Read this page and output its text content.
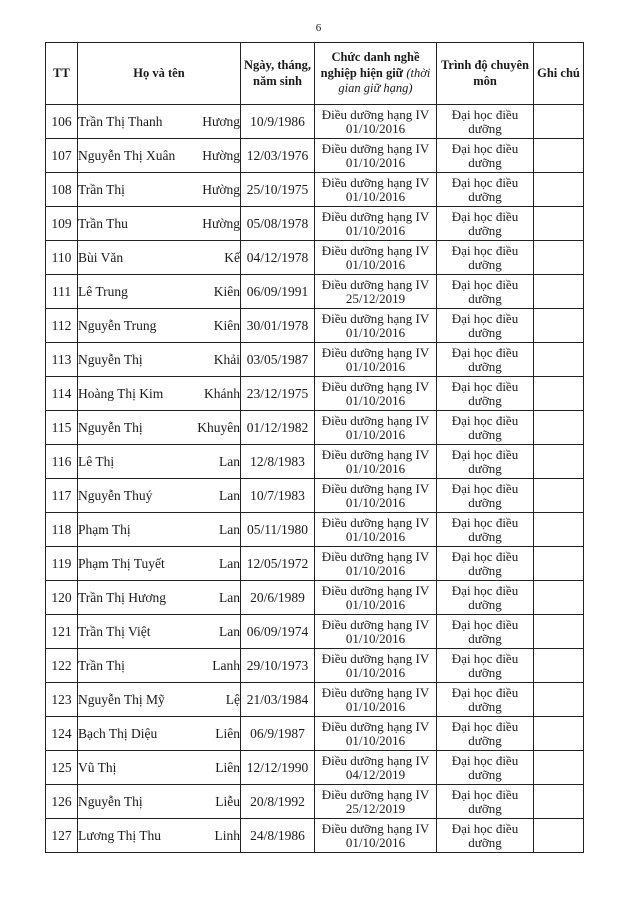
6
TT	Họ và tên	Ngày, tháng,
năm sinh	Chức danh nghề
nghiệp hiện giữ (thời
gian giữ hạng)	Trình độ chuyên
môn	Ghi chú
106	Trần Thị Thanh Hương	10/9/1986	Điều dưỡng hạng IV
01/10/2016	Đại học điều
dưỡng	

107	Nguyễn Thị Xuân Hường	12/03/1976	Điều dưỡng hạng IV
01/10/2016	Đại học điều
dưỡng	

108	Trần Thị Hường	25/10/1975	Điều dưỡng hạng IV
01/10/2016	Đại học điều
dưỡng	

109	Trần Thu Hường	05/08/1978	Điều dưỡng hạng IV
01/10/2016	Đại học điều
dưỡng	

110	Bùi Văn Kế	04/12/1978	Điều dưỡng hạng IV
01/10/2016	Đại học điều
dưỡng	

111	Lê Trung Kiên	06/09/1991	Điều dưỡng hạng IV
25/12/2019	Đại học điều
dưỡng	

112	Nguyễn Trung Kiên	30/01/1978	Điều dưỡng hạng IV
01/10/2016	Đại học điều
dưỡng	

113	Nguyễn Thị Khải	03/05/1987	Điều dưỡng hạng IV
01/10/2016	Đại học điều
dưỡng	

114	Hoàng Thị Kim Khánh	23/12/1975	Điều dưỡng hạng IV
01/10/2016	Đại học điều
dưỡng	

115	Nguyễn Thị Khuyên	01/12/1982	Điều dưỡng hạng IV
01/10/2016	Đại học điều
dưỡng	

116	Lê Thị Lan	12/8/1983	Điều dưỡng hạng IV
01/10/2016	Đại học điều
dưỡng	

117	Nguyễn Thuý Lan	10/7/1983	Điều dưỡng hạng IV
01/10/2016	Đại học điều
dưỡng	

118	Phạm Thị Lan	05/11/1980	Điều dưỡng hạng IV
01/10/2016	Đại học điều
dưỡng	

119	Phạm Thị Tuyết Lan	12/05/1972	Điều dưỡng hạng IV
01/10/2016	Đại học điều
dưỡng	

120	Trần Thị Hương Lan	20/6/1989	Điều dưỡng hạng IV
01/10/2016	Đại học điều
dưỡng	

121	Trần Thị Việt Lan	06/09/1974	Điều dưỡng hạng IV
01/10/2016	Đại học điều
dưỡng	

122	Trần Thị Lanh	29/10/1973	Điều dưỡng hạng IV
01/10/2016	Đại học điều
dưỡng	

123	Nguyễn Thị Mỹ Lệ	21/03/1984	Điều dưỡng hạng IV
01/10/2016	Đại học điều
dưỡng	

124	Bạch Thị Diệu Liên	06/9/1987	Điều dưỡng hạng IV
01/10/2016	Đại học điều
dưỡng	

125	Vũ Thị Liên	12/12/1990	Điều dưỡng hạng IV
04/12/2019	Đại học điều
dưỡng	

126	Nguyễn Thị Liễu	20/8/1992	Điều dưỡng hạng IV
25/12/2019	Đại học điều
dưỡng	

127	Lương Thị Thu Linh	24/8/1986	Điều dưỡng hạng IV
01/10/2016	Đại học điều
dưỡng	
